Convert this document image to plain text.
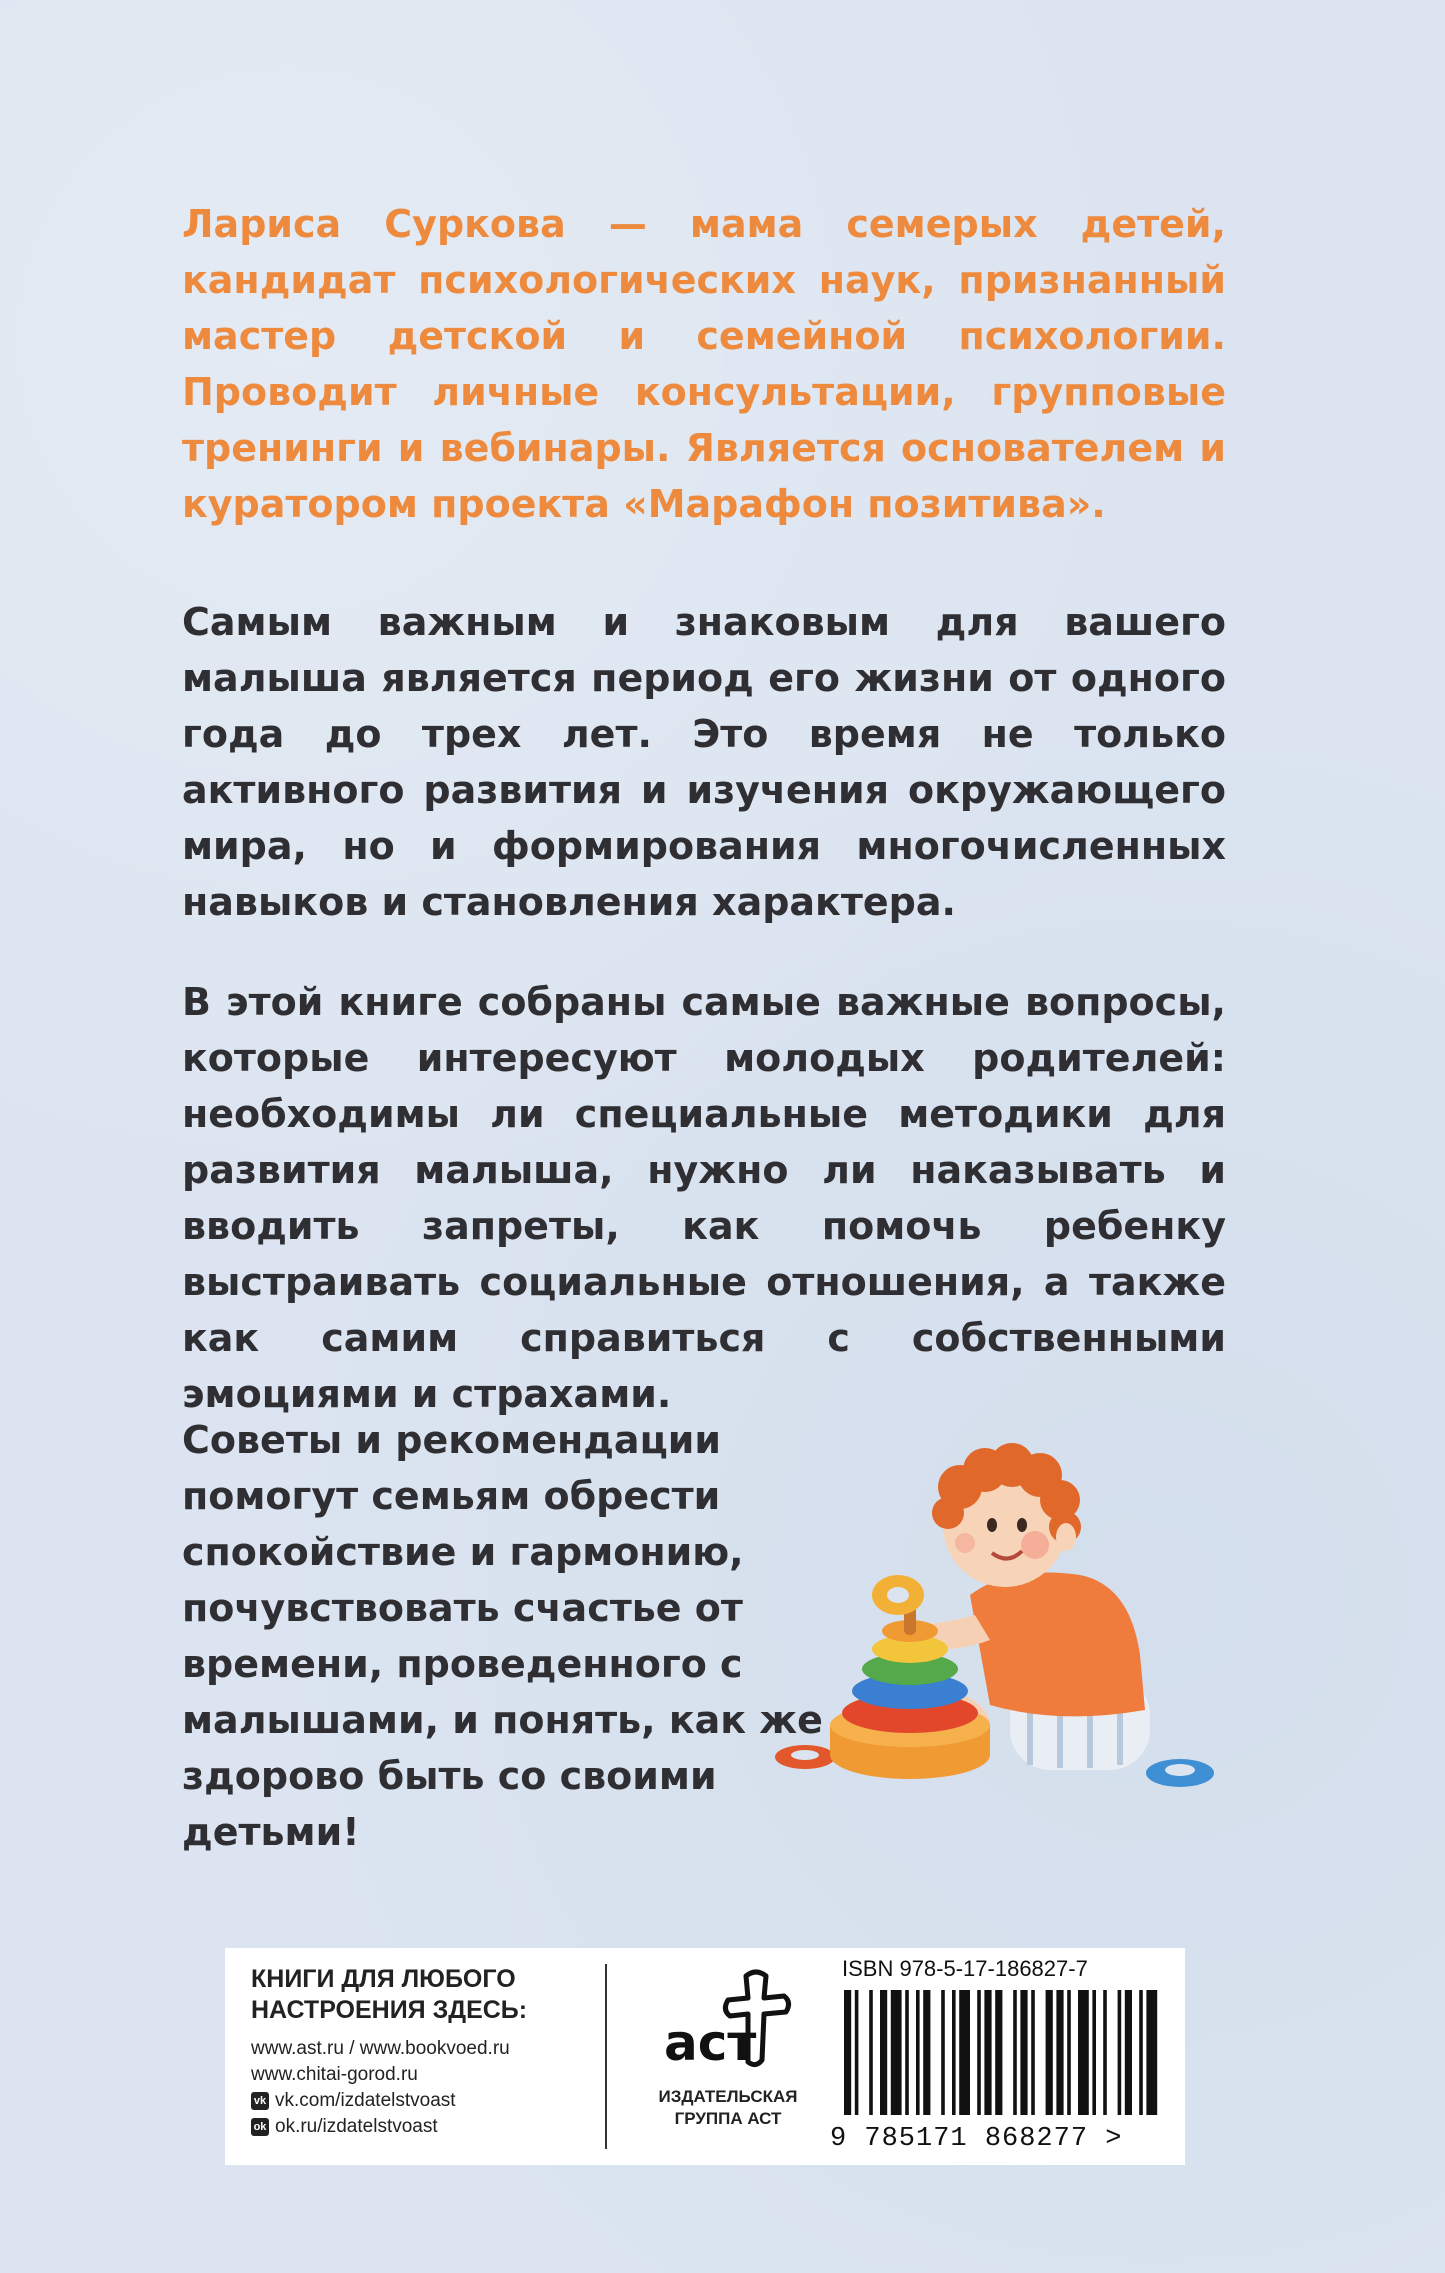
Лариса Суркова — мама семерых детей, кандидат психологических наук, признанный мастер детской и семейной психологии. Проводит личные консультации, групповые тренинги и вебинары. Является основателем и куратором проекта «Марафон позитива».

Самым важным и знаковым для вашего малыша является период его жизни от одного года до трех лет. Это время не только активного развития и изучения окружающего мира, но и формирования многочисленных навыков и становления характера.

В этой книге собраны самые важные вопросы, которые интересуют молодых родителей: необходимы ли специальные методики для развития малыша, нужно ли наказывать и вводить запреты, как помочь ребенку выстраивать социальные отношения, а также как самим справиться с собственными эмоциями и страхами.

Советы и рекомендации помогут семьям обрести спокойствие и гармонию, почувствовать счастье от времени, проведенного с малышами, и понять, как же здорово быть со своими детьми!

КНИГИ ДЛЯ ЛЮБОГО НАСТРОЕНИЯ ЗДЕСЬ:

www.ast.ru / www.bookvoed.ru

www.chitai-gorod.ru

vk vk.com/izdatelstvoast

ok ok.ru/izdatelstvoast

аст
ИЗДАТЕЛЬСКАЯ ГРУППА АСТ

ISBN 978-5-17-186827-7

9 785171 868277 >
